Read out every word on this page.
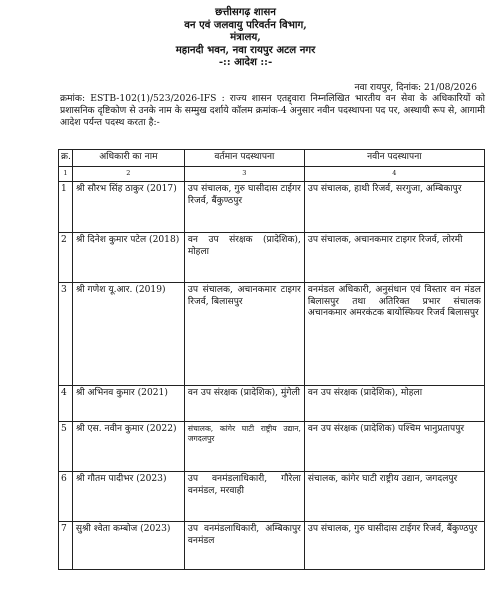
छत्तीसगढ़ शासन
वन एवं जलवायु परिवर्तन विभाग,
मंत्रालय,
महानदी भवन, नवा रायपुर अटल नगर
-:: आदेश ::-
नवा रायपुर, दिनांक: 21/08/2026
क्रमांक: ESTB-102(1)/523/2026-IFS : राज्य शासन एतद्द्वारा निम्नलिखित भारतीय वन सेवा के अधिकारियों को प्रशासनिक दृष्टिकोण से उनके नाम के सम्मुख दर्शाये कॉलम क्रमांक-4 अनुसार नवीन पदस्थापना पद पर, अस्थायी रूप से, आगामी आदेश पर्यन्त पदस्थ करता है:-
क्र.	अधिकारी का नाम	वर्तमान पदस्थापना	नवीन पदस्थापना
1	2	3	4
1	श्री सौरभ सिंह ठाकुर (2017)	उप संचालक, गुरु घासीदास टाईगर रिजर्व, बैंकुण्ठपुर	उप संचालक, हाथी रिजर्व, सरगुजा, अम्बिकापुर
2	श्री दिनेश कुमार पटेल (2018)	वन उप संरक्षक (प्रादेशिक), मोहला	उप संचालक, अचानकमार टाइगर रिजर्व, लोरमी
3	श्री गणेश यू.आर. (2019)	उप संचालक, अचानकमार टाइगर रिजर्व, बिलासपुर	वनमंडल अधिकारी, अनुसंधान एवं विस्तार वन मंडल बिलासपुर तथा अतिरिक्त प्रभार संचालक अचानकमार अमरकंटक बायोस्फियर रिजर्व बिलासपुर
4	श्री अभिनव कुमार (2021)	वन उप संरक्षक (प्रादेशिक), मुंगेली	वन उप संरक्षक (प्रादेशिक), मोहला
5	श्री एस. नवीन कुमार (2022)	संचालक, कांगेर घाटी राष्ट्रीय उद्यान, जगदलपुर	वन उप संरक्षक (प्रादेशिक) पश्चिम भानुप्रतापपुर
6	श्री गौतम पादीभर (2023)	उप वनमंडलाधिकारी, गौरेला वनमंडल, मरवाही	संचालक, कांगेर घाटी राष्ट्रीय उद्यान, जगदलपुर
7	सुश्री श्वेता कम्बोज (2023)	उप वनमंडलाधिकारी, अम्बिकापुर वनमंडल	उप संचालक, गुरु घासीदास टाईगर रिजर्व, बैंकुण्ठपुर
